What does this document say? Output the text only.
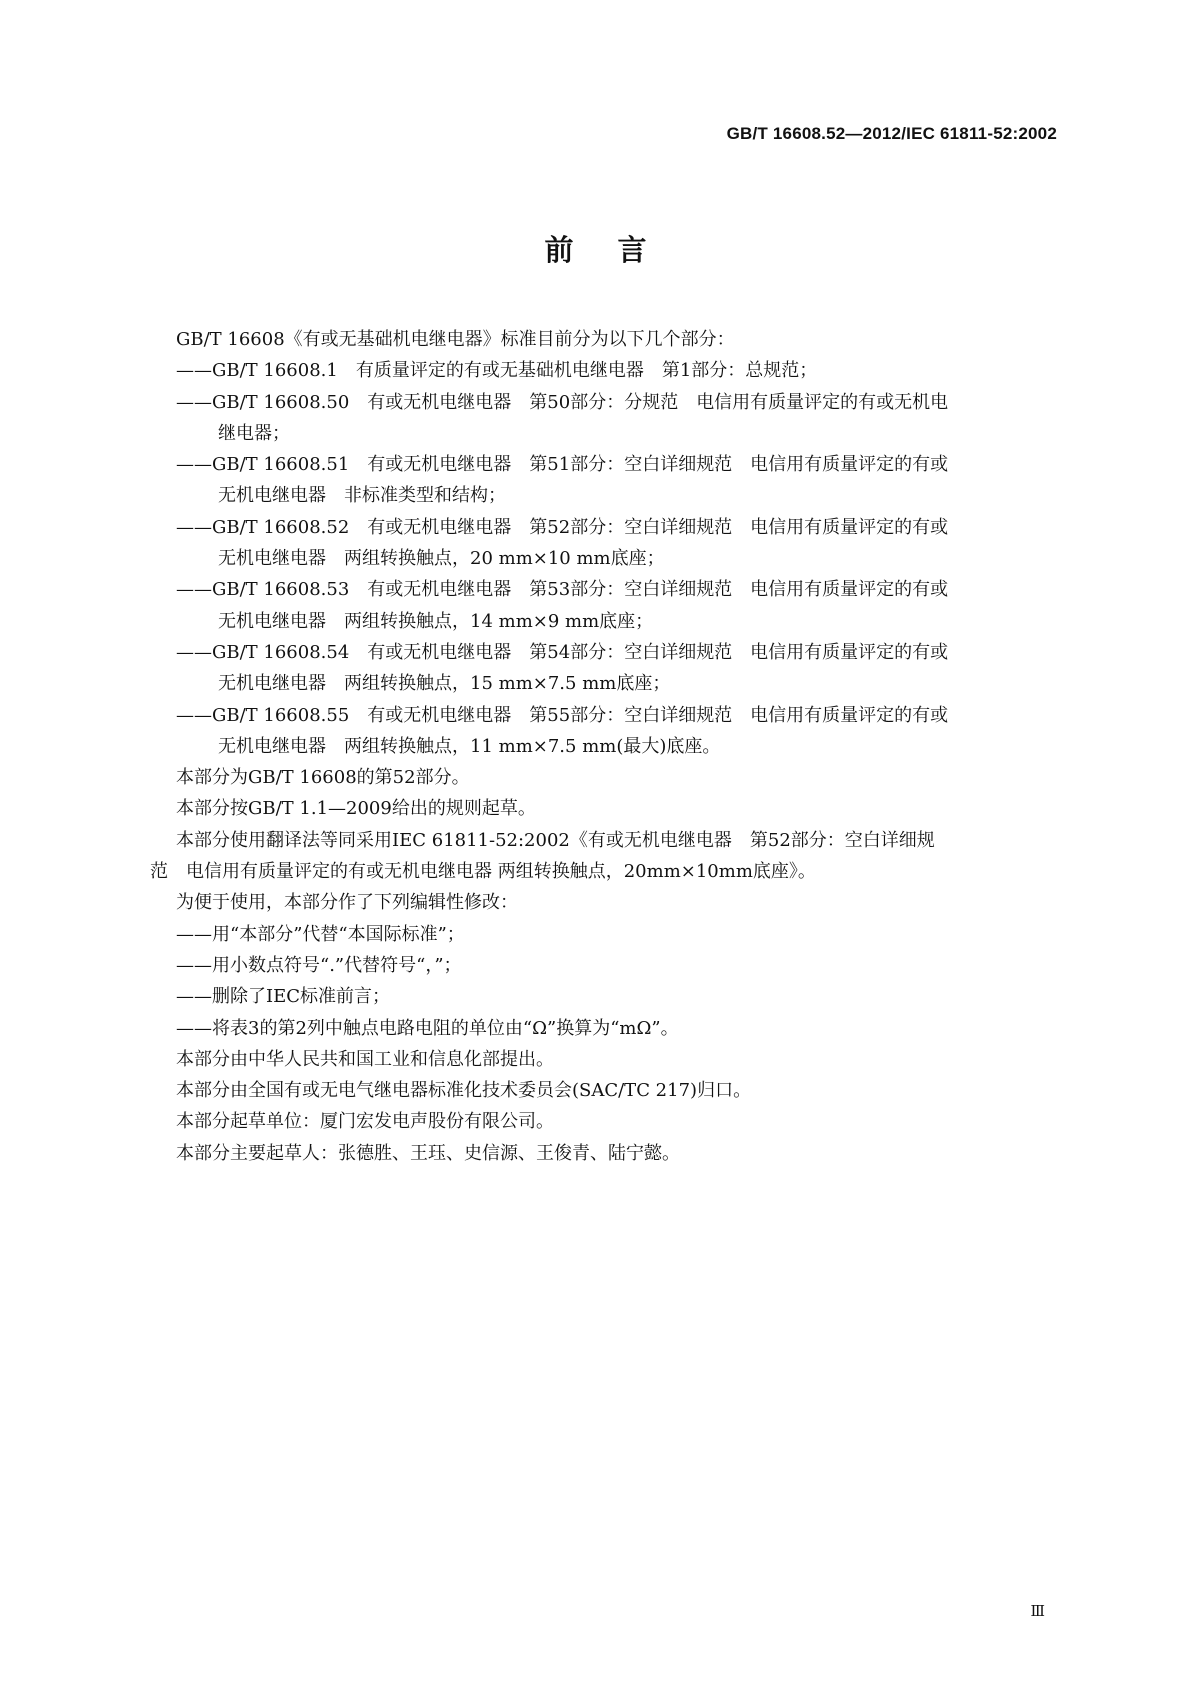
GB/T 16608.52—2012/IEC 61811-52:2002
前言

GB/T 16608《有或无基础机电继电器》标准目前分为以下几个部分：

——GB/T 16608.1　有质量评定的有或无基础机电继电器　第1部分：总规范；
——GB/T 16608.50　有或无机电继电器　第50部分：分规范　电信用有质量评定的有或无机电
继电器；
——GB/T 16608.51　有或无机电继电器　第51部分：空白详细规范　电信用有质量评定的有或
无机电继电器　非标准类型和结构；
——GB/T 16608.52　有或无机电继电器　第52部分：空白详细规范　电信用有质量评定的有或
无机电继电器　两组转换触点，20 mm×10 mm底座；
——GB/T 16608.53　有或无机电继电器　第53部分：空白详细规范　电信用有质量评定的有或
无机电继电器　两组转换触点，14 mm×9 mm底座；
——GB/T 16608.54　有或无机电继电器　第54部分：空白详细规范　电信用有质量评定的有或
无机电继电器　两组转换触点，15 mm×7.5 mm底座；
——GB/T 16608.55　有或无机电继电器　第55部分：空白详细规范　电信用有质量评定的有或
无机电继电器　两组转换触点，11 mm×7.5 mm(最大)底座。

本部分为GB/T 16608的第52部分。

本部分按GB/T 1.1—2009给出的规则起草。

本部分使用翻译法等同采用IEC 61811-52:2002《有或无机电继电器　第52部分：空白详细规
范　电信用有质量评定的有或无机电继电器 两组转换触点，20mm×10mm底座》。

为便于使用，本部分作了下列编辑性修改：

——用“本部分”代替“本国际标准”；

——用小数点符号“.”代替符号“，”；

——删除了IEC标准前言；

——将表3的第2列中触点电路电阻的单位由“Ω”换算为“mΩ”。

本部分由中华人民共和国工业和信息化部提出。

本部分由全国有或无电气继电器标准化技术委员会(SAC/TC 217)归口。

本部分起草单位：厦门宏发电声股份有限公司。

本部分主要起草人：张德胜、王珏、史信源、王俊青、陆宁懿。

Ⅲ
